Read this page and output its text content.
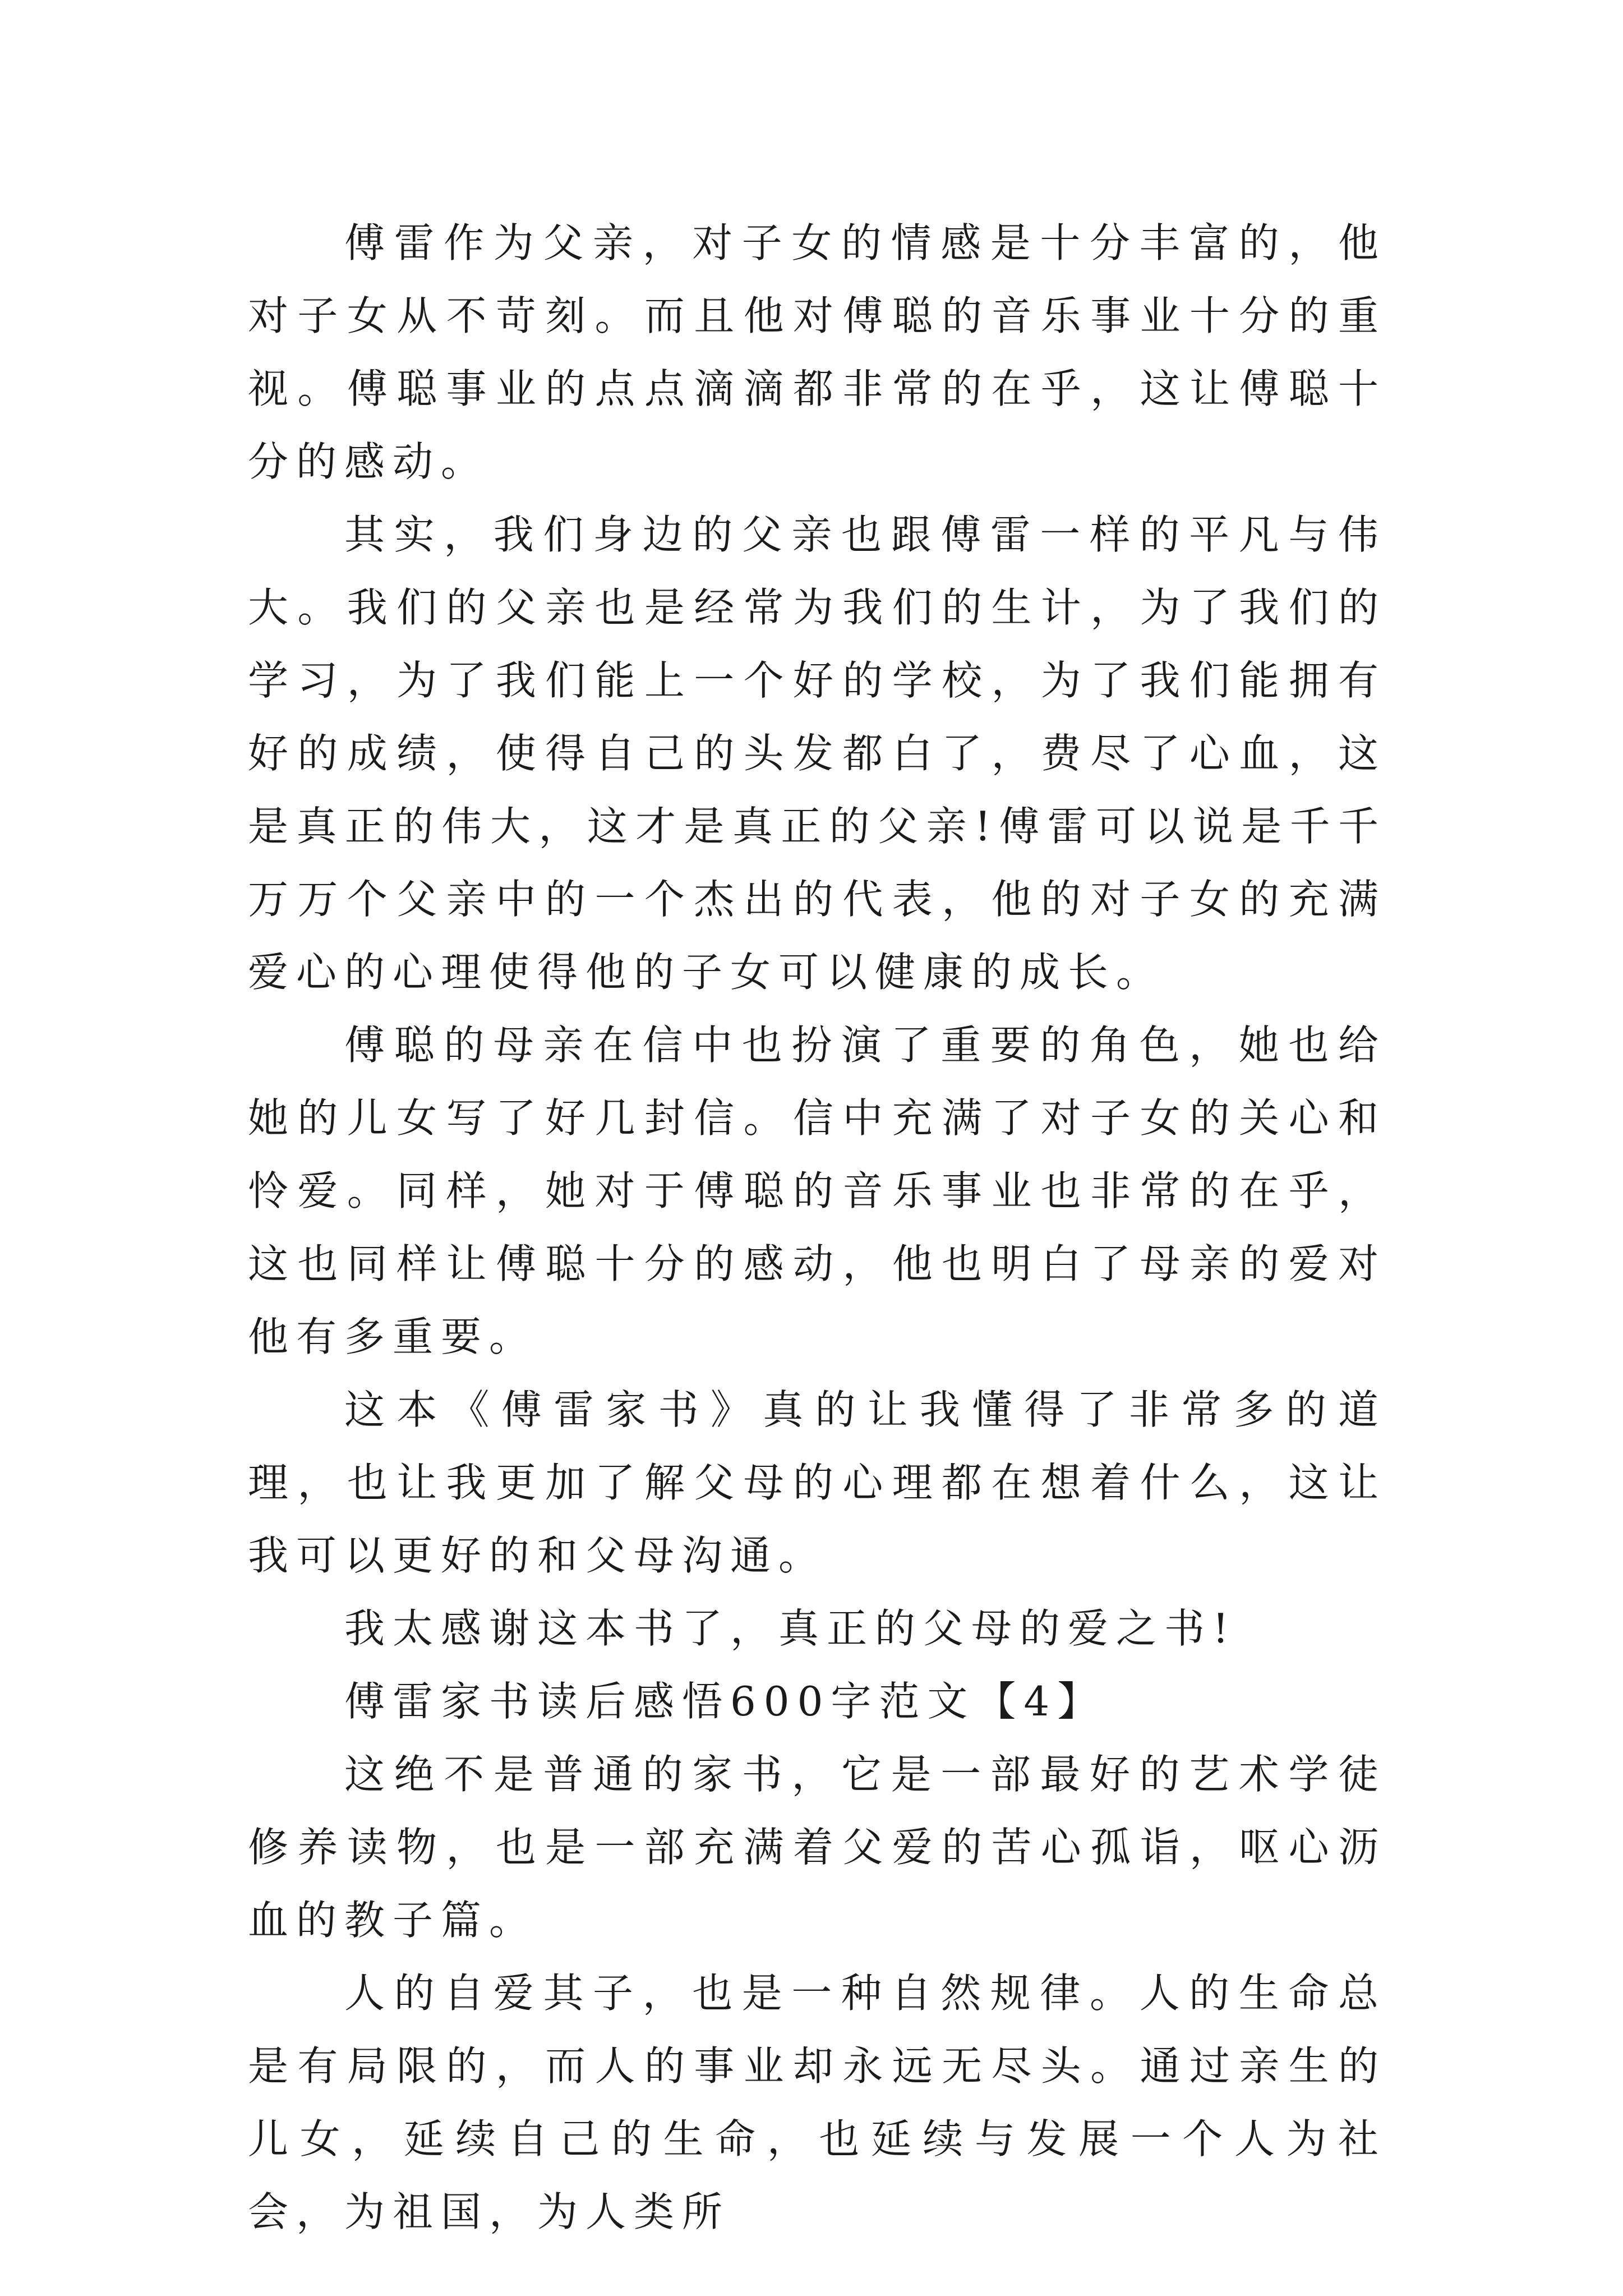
傅雷作为父亲，对子女的情感是十分丰富的，他对子女从不苛刻。而且他对傅聪的音乐事业十分的重视。傅聪事业的点点滴滴都非常的在乎，这让傅聪十分的感动。

其实，我们身边的父亲也跟傅雷一样的平凡与伟大。我们的父亲也是经常为我们的生计，为了我们的学习，为了我们能上一个好的学校，为了我们能拥有好的成绩，使得自己的头发都白了，费尽了心血，这是真正的伟大，这才是真正的父亲!傅雷可以说是千千万万个父亲中的一个杰出的代表，他的对子女的充满爱心的心理使得他的子女可以健康的成长。

傅聪的母亲在信中也扮演了重要的角色，她也给她的儿女写了好几封信。信中充满了对子女的关心和怜爱。同样，她对于傅聪的音乐事业也非常的在乎，这也同样让傅聪十分的感动，他也明白了母亲的爱对他有多重要。

这本《傅雷家书》真的让我懂得了非常多的道理，也让我更加了解父母的心理都在想着什么，这让我可以更好的和父母沟通。

我太感谢这本书了，真正的父母的爱之书!

傅雷家书读后感悟600字范文【4】

这绝不是普通的家书，它是一部最好的艺术学徒修养读物，也是一部充满着父爱的苦心孤诣，呕心沥血的教子篇。

人的自爱其子，也是一种自然规律。人的生命总是有局限的，而人的事业却永远无尽头。通过亲生的儿女，延续自己的生命，也延续与发展一个人为社会，为祖国，为人类所
